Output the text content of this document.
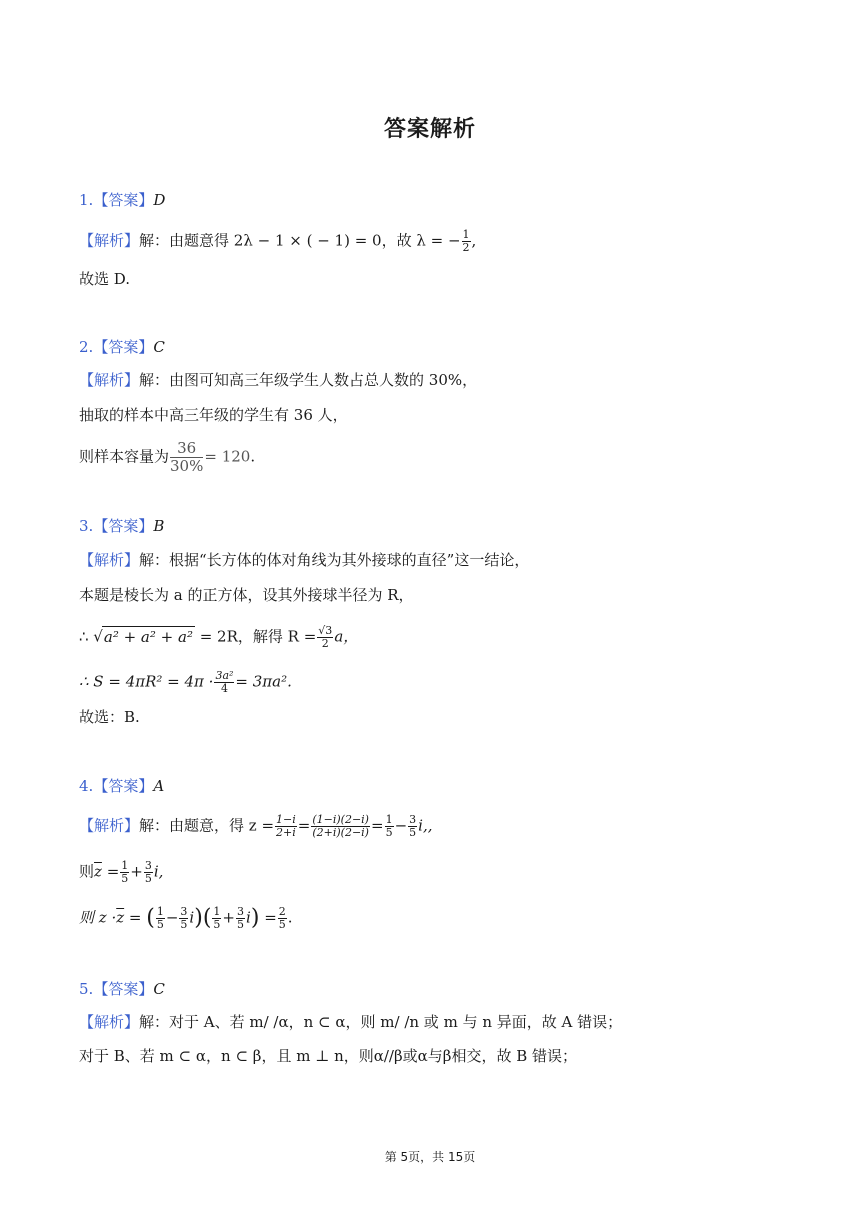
答案解析
1.【答案】D
【解析】解：由题意得 2λ − 1 × ( − 1) = 0，故 λ = − $\frac{1}{2}$ ,
故选 D.
2.【答案】C
【解析】解：由图可知高三年级学生人数占总人数的 30%，
抽取的样本中高三年级的学生有 36 人，
则样本容量为 $\frac{36}{30\%} = 120$.
3.【答案】B
【解析】解：根据“长方体的体对角线为其外接球的直径”这一结论，
本题是棱长为 a 的正方体，设其外接球半径为 R，
∴ √a² + a² + a² = 2R，解得 $R = \frac{√3}{2}$ a，
∴ $S = 4\pi R^2 = 4\pi \cdot \frac{\text{3a²}}{4} = 3\pi a^2$.
故选：B.
4.【答案】A
【解析】解：由题意，得 $z = \frac{1-i}{2+i} = \frac{(1-i)(2-i)}{(2+i)(2-i)} = \frac{1}{5} - \frac{3}{5} i$,,
则$\overline{z} = \frac{1}{5} + \frac{3}{5} i$,
则 $z \cdot\overline{z}$ = ( $\frac{1}{5} - \frac{3}{5} i)( \frac{1}{5} + \frac{3}{5} i) = \frac{2}{5}$ .
5.【答案】C
【解析】解：对于 A、若 m/ /α，n ⊂ α，则 m/ /n 或 m 与 n 异面，故 A 错误；
对于 B、若 m ⊂ α，n ⊂ β，且 m ⊥ n，则α//β或α与β相交，故 B 错误；
第 5页，共 15页
